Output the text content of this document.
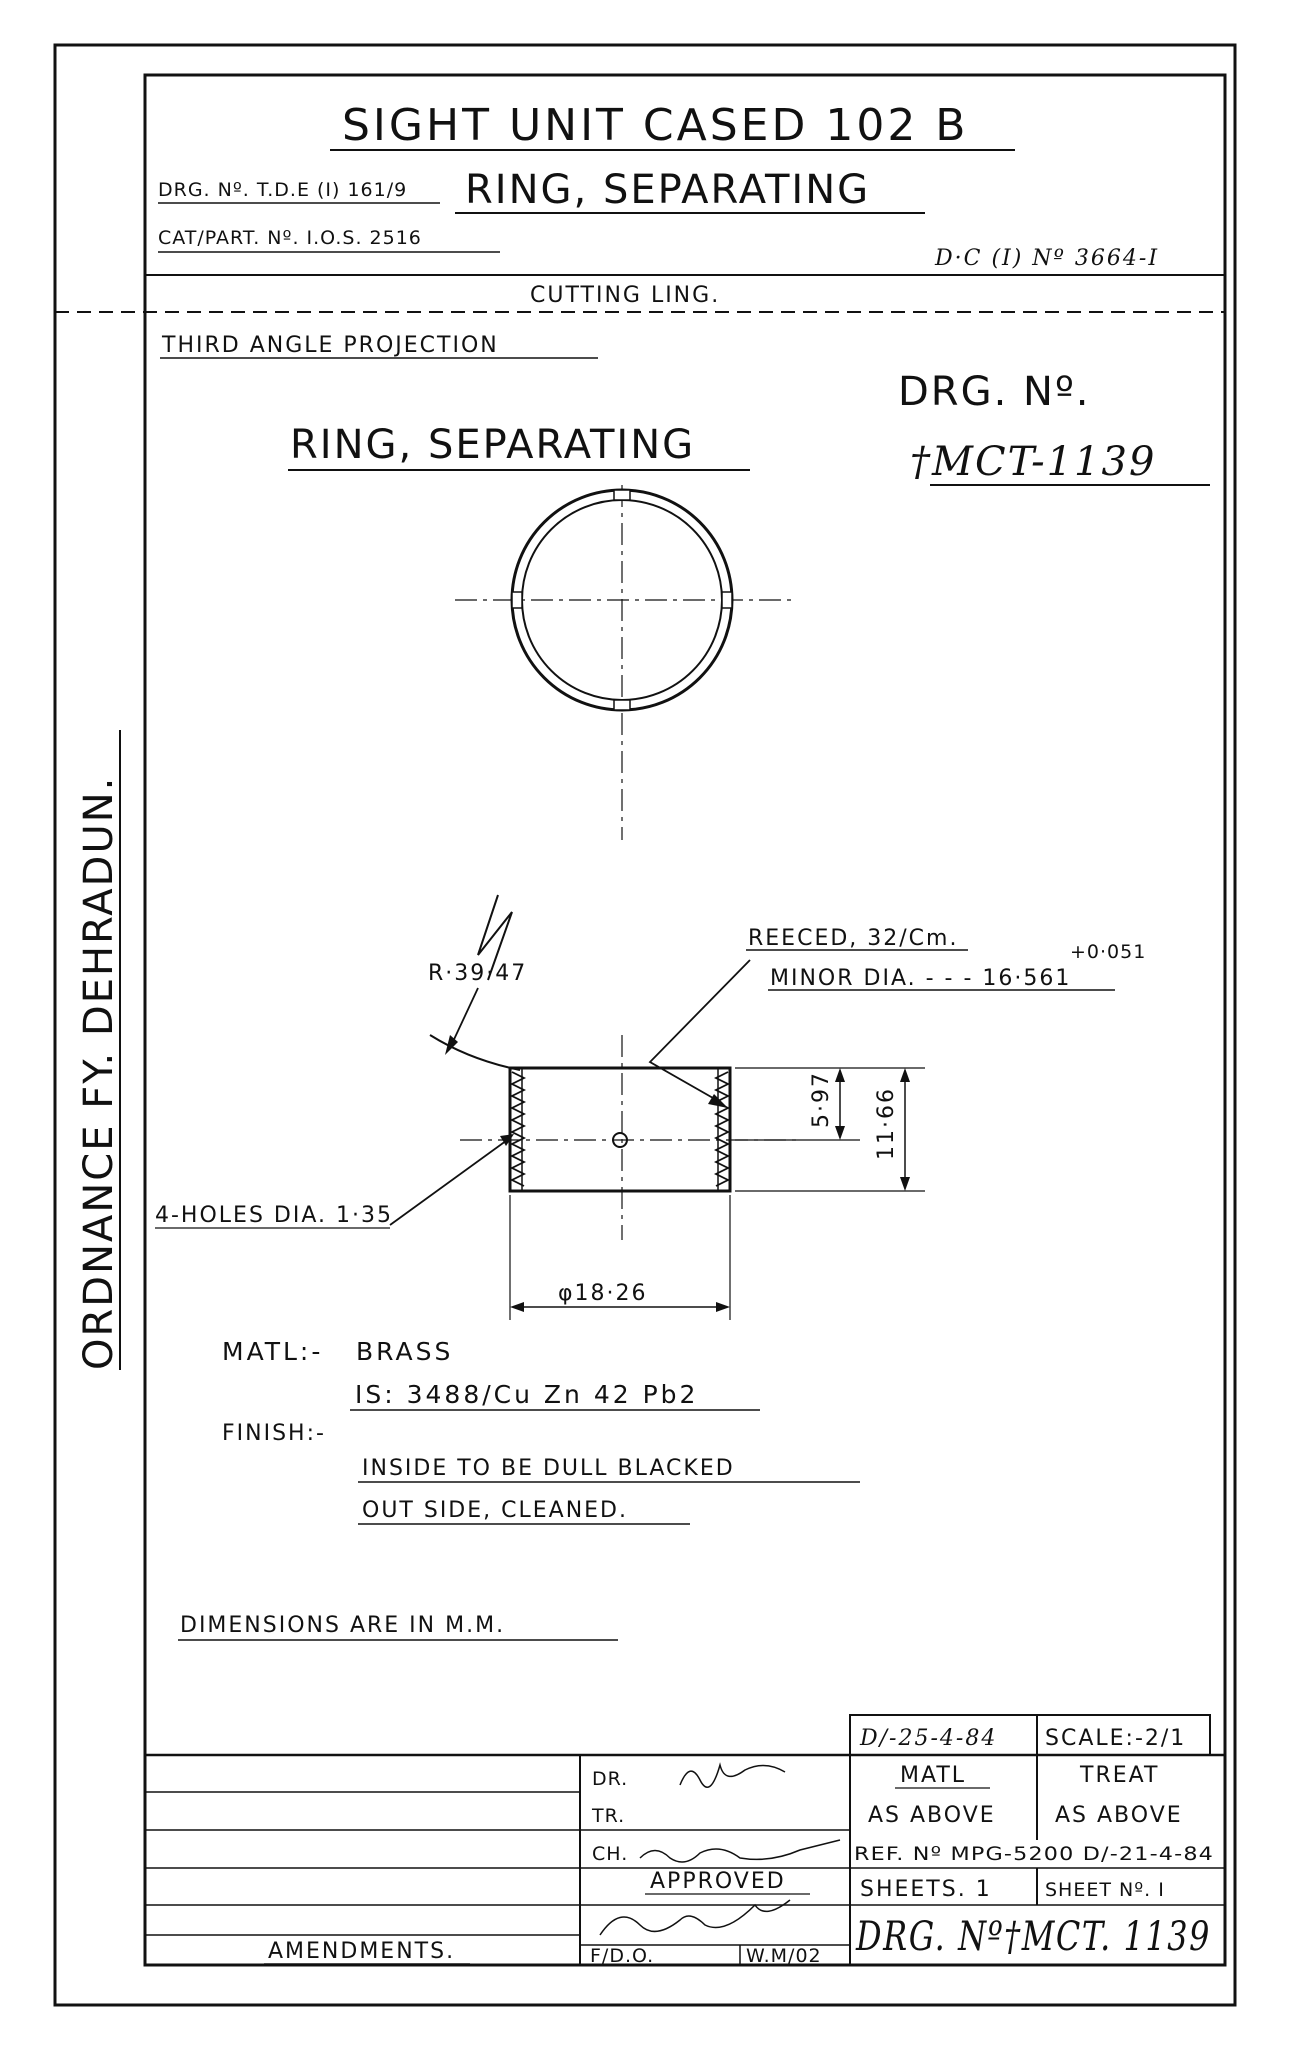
SIGHT UNIT CASED 102 B
DRG. Nº. T.D.E (I) 161/9 RING, SEPARATING
CAT/PART. Nº. I.O.S. 2516
D·C (I) Nº 3664-I
CUTTING LING.
THIRD ANGLE PROJECTION
DRG. Nº.
†MCT-1139
RING, SEPARATING
R·39·47
REECED, 32/Cm.
+0·051
MINOR DIA. - - - 16·561
5·97 11·66
4-HOLES DIA. 1·35
φ18·26
MATL:- BRASS
IS: 3488/Cu Zn 42 Pb2
FINISH:-
INSIDE TO BE DULL BLACKED
OUT SIDE, CLEANED.
DIMENSIONS ARE IN M.M.
ORDNANCE FY. DEHRADUN.
D/-25-4-84 SCALE:-2/1
DR.
TR.
CH.
APPROVED
F/D.O.	W.M/02
MATL
AS ABOVE
TREAT
AS ABOVE
REF. Nº MPG-5200 D/-21-4-84
SHEETS. 1	SHEET Nº. I
DRG. Nº†MCT. 1139
AMENDMENTS.
